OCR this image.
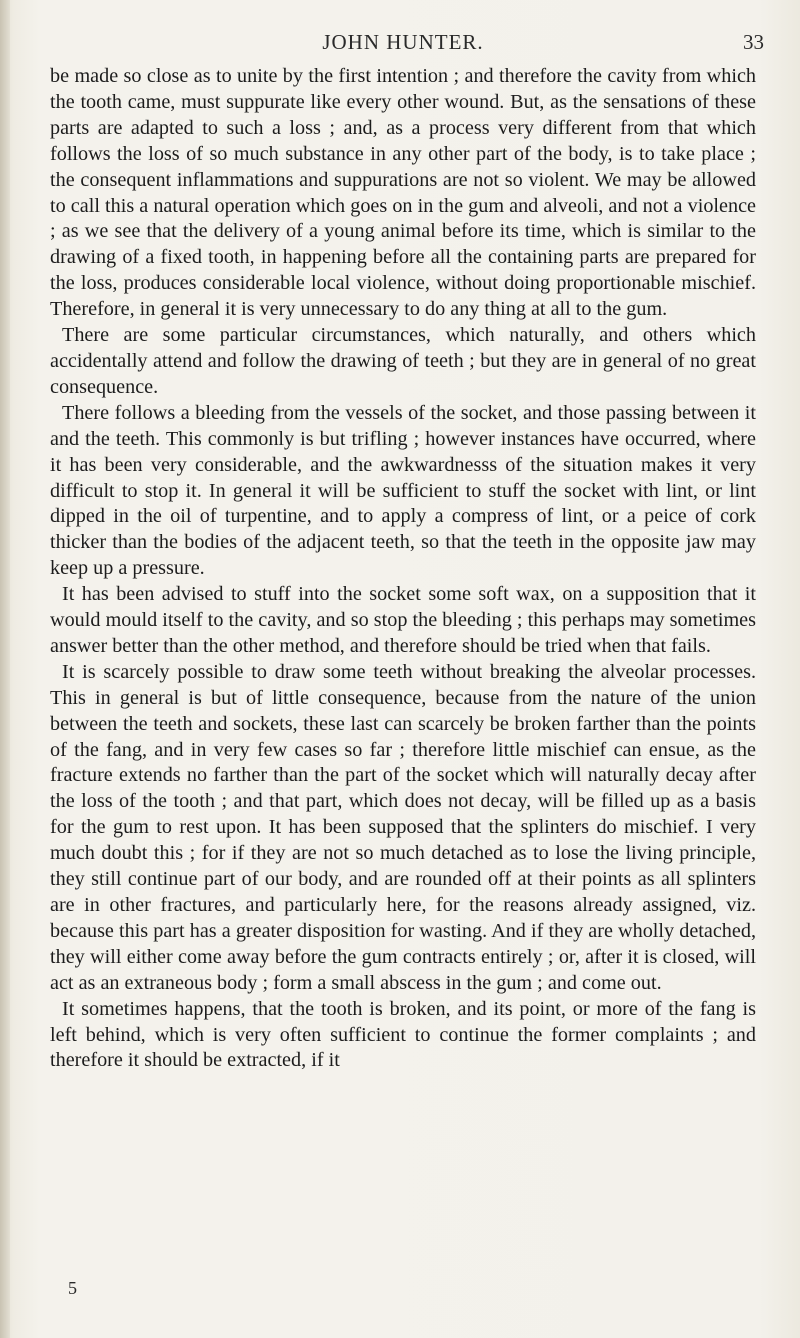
JOHN HUNTER.	33

be made so close as to unite by the first intention ; and therefore the cavity from which the tooth came, must suppurate like every other wound. But, as the sensations of these parts are adapted to such a loss ; and, as a process very different from that which follows the loss of so much substance in any other part of the body, is to take place ; the consequent inflammations and suppurations are not so violent. We may be allowed to call this a natural operation which goes on in the gum and alveoli, and not a violence ; as we see that the delivery of a young animal before its time, which is similar to the drawing of a fixed tooth, in happening before all the containing parts are prepared for the loss, produces considerable local violence, without doing proportionable mischief. Therefore, in general it is very unnecessary to do any thing at all to the gum.

There are some particular circumstances, which naturally, and others which accidentally attend and follow the drawing of teeth ; but they are in general of no great consequence.

There follows a bleeding from the vessels of the socket, and those passing between it and the teeth. This commonly is but trifling ; however instances have occurred, where it has been very considerable, and the awkwardnesss of the situation makes it very difficult to stop it. In general it will be sufficient to stuff the socket with lint, or lint dipped in the oil of turpentine, and to apply a compress of lint, or a peice of cork thicker than the bodies of the adjacent teeth, so that the teeth in the opposite jaw may keep up a pressure.

It has been advised to stuff into the socket some soft wax, on a supposition that it would mould itself to the cavity, and so stop the bleeding ; this perhaps may sometimes answer better than the other method, and therefore should be tried when that fails.

It is scarcely possible to draw some teeth without breaking the alveolar processes. This in general is but of little consequence, because from the nature of the union between the teeth and sockets, these last can scarcely be broken farther than the points of the fang, and in very few cases so far ; therefore little mischief can ensue, as the fracture extends no farther than the part of the socket which will naturally decay after the loss of the tooth ; and that part, which does not decay, will be filled up as a basis for the gum to rest upon. It has been supposed that the splinters do mischief. I very much doubt this ; for if they are not so much detached as to lose the living principle, they still continue part of our body, and are rounded off at their points as all splinters are in other fractures, and particularly here, for the reasons already assigned, viz. because this part has a greater disposition for wasting. And if they are wholly detached, they will either come away before the gum contracts entirely ; or, after it is closed, will act as an extraneous body ; form a small abscess in the gum ; and come out.

It sometimes happens, that the tooth is broken, and its point, or more of the fang is left behind, which is very often sufficient to continue the former complaints ; and therefore it should be extracted, if it

5
